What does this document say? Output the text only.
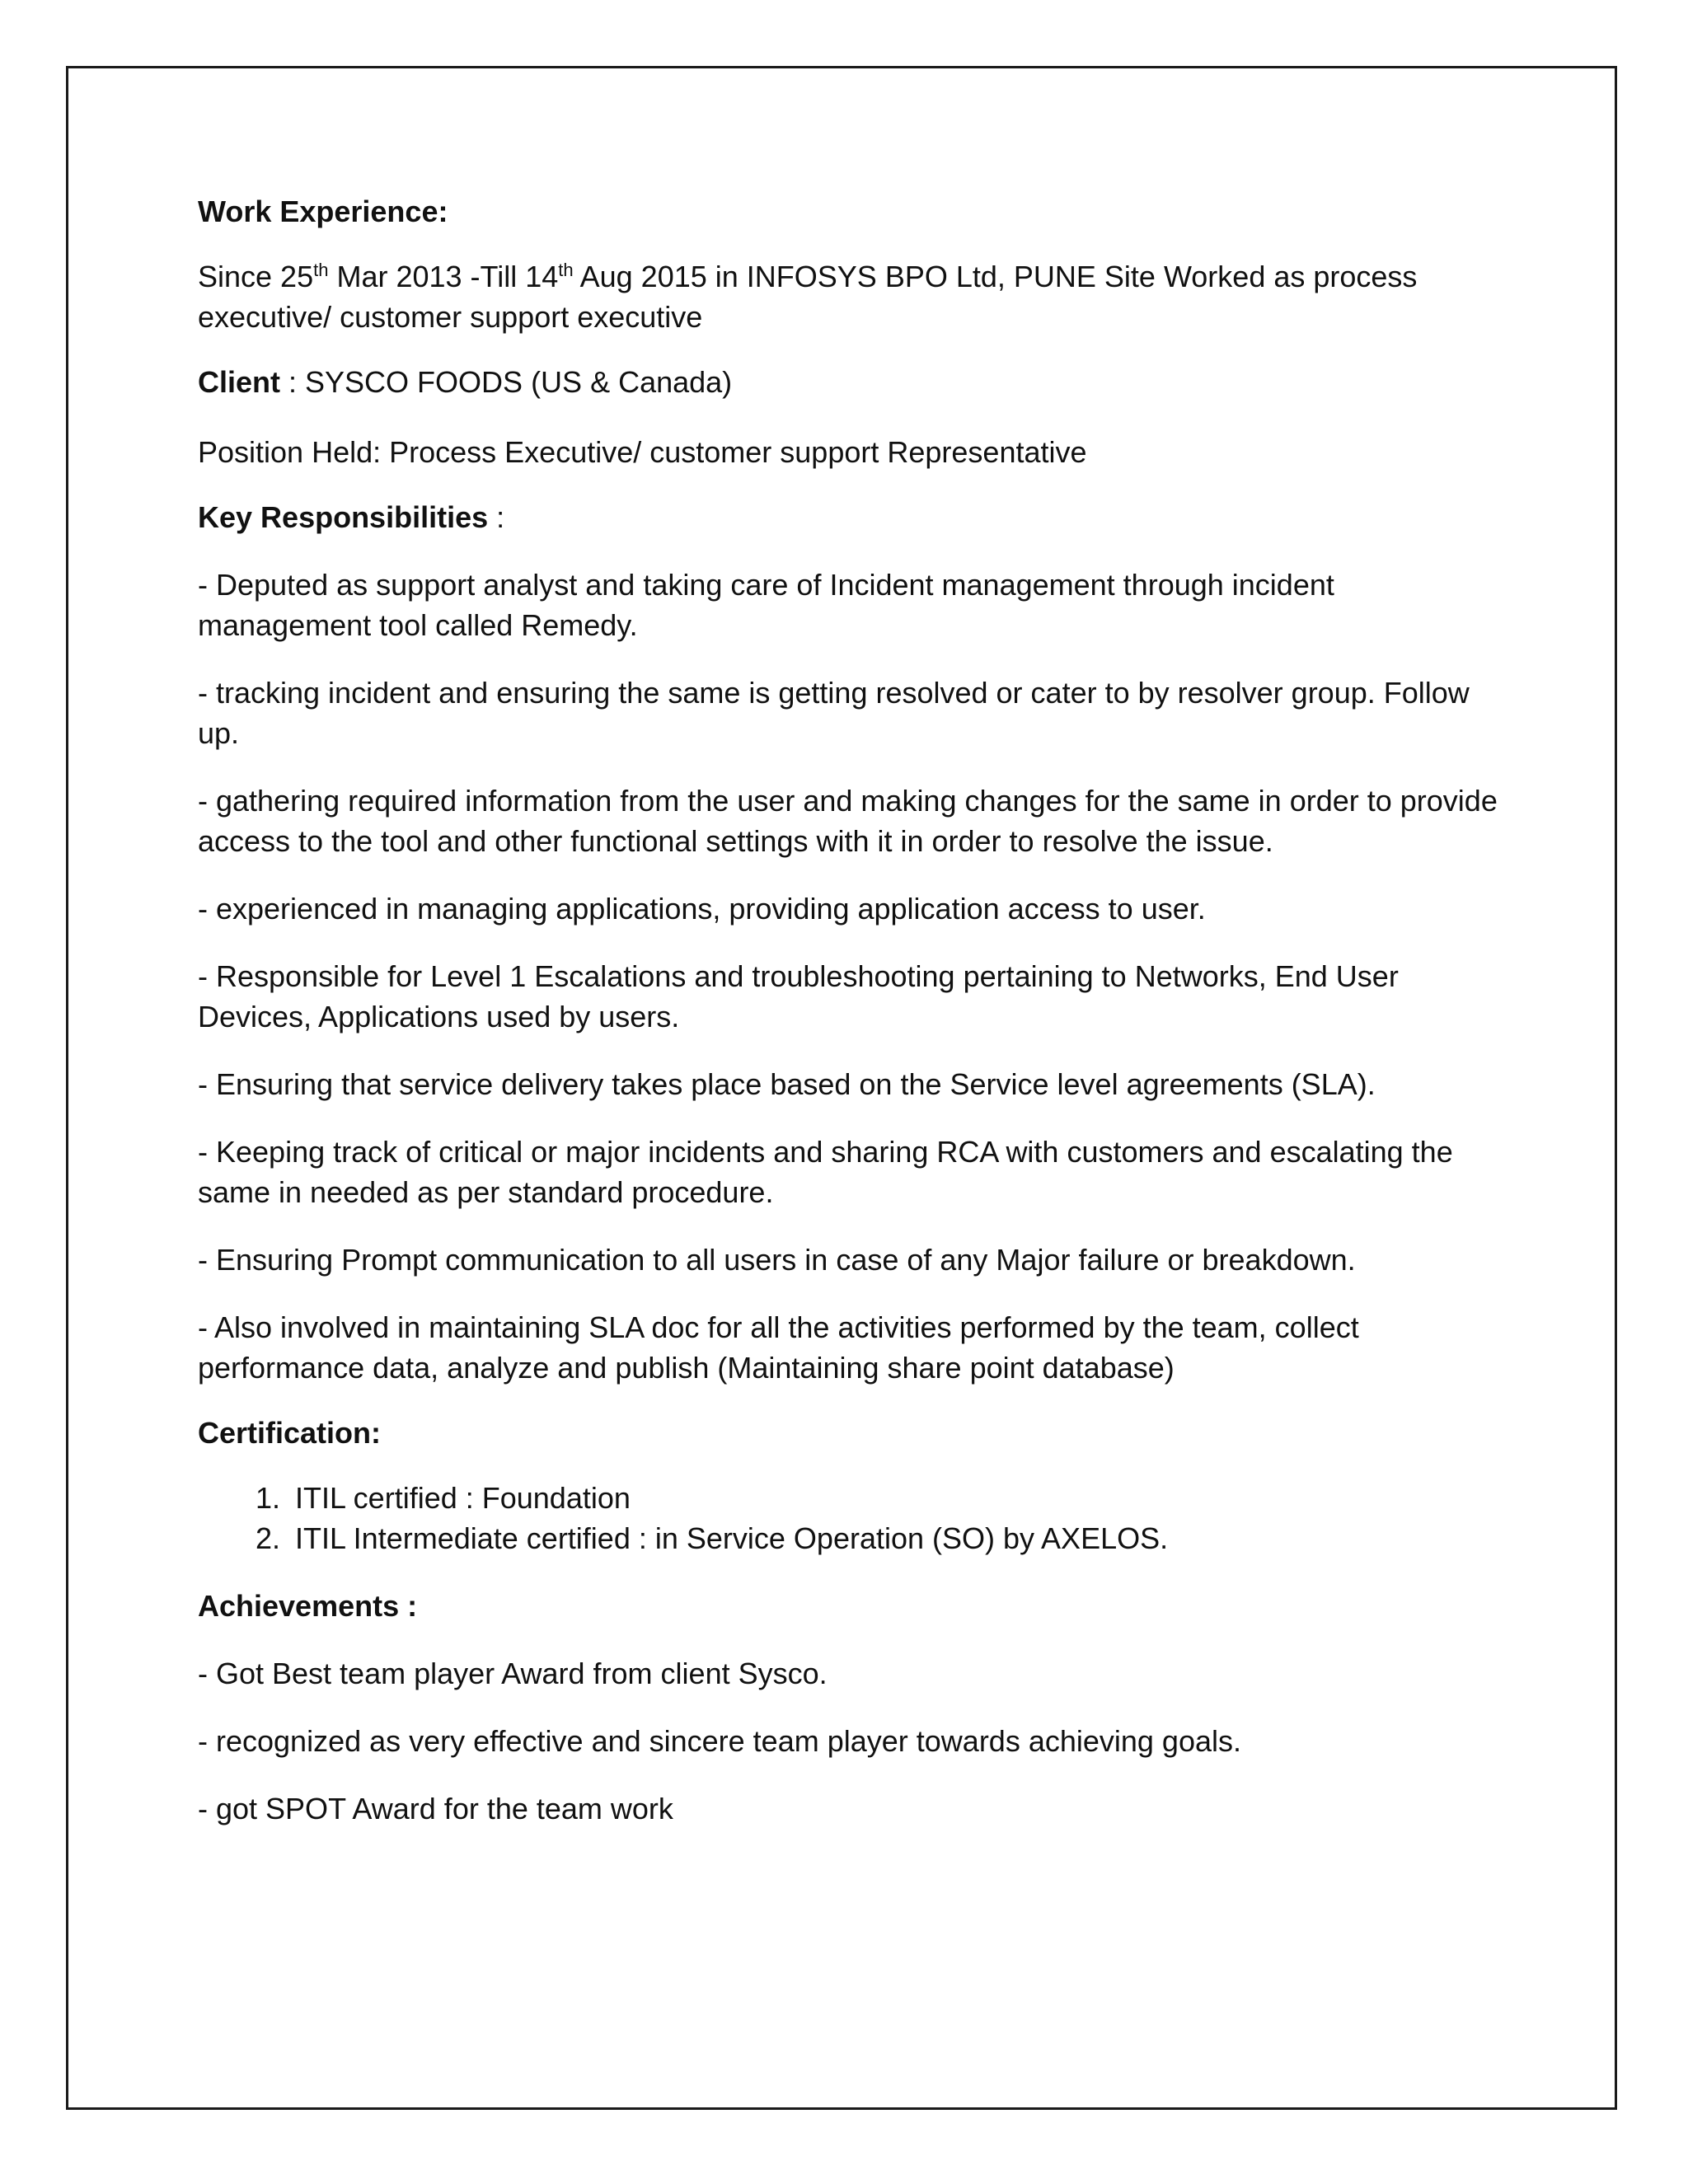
Work Experience:
Since 25th Mar 2013 -Till 14th Aug 2015 in INFOSYS BPO Ltd, PUNE Site Worked as process executive/ customer support executive
Client : SYSCO FOODS (US & Canada)
Position Held: Process Executive/ customer support Representative
Key Responsibilities :
- Deputed as support analyst and taking care of Incident management through incident management tool called Remedy.
- tracking incident and ensuring the same is getting resolved or cater to by resolver group. Follow up.
- gathering required information from the user and making changes for the same in order to provide access to the tool and other functional settings with it in order to resolve the issue.
- experienced in managing applications, providing application access to user.
- Responsible for Level 1 Escalations and troubleshooting pertaining to Networks, End User Devices, Applications used by users.
- Ensuring that service delivery takes place based on the Service level agreements (SLA).
- Keeping track of critical or major incidents and sharing RCA with customers and escalating the same in needed as per standard procedure.
- Ensuring Prompt communication to all users in case of any Major failure or breakdown.
- Also involved in maintaining SLA doc for all the activities performed by the team, collect performance data, analyze and publish (Maintaining share point database)
Certification:
1. ITIL certified : Foundation
2. ITIL Intermediate certified : in Service Operation (SO) by AXELOS.
Achievements :
- Got Best team player Award from client Sysco.
- recognized as very effective and sincere team player towards achieving goals.
- got SPOT Award for the team work
